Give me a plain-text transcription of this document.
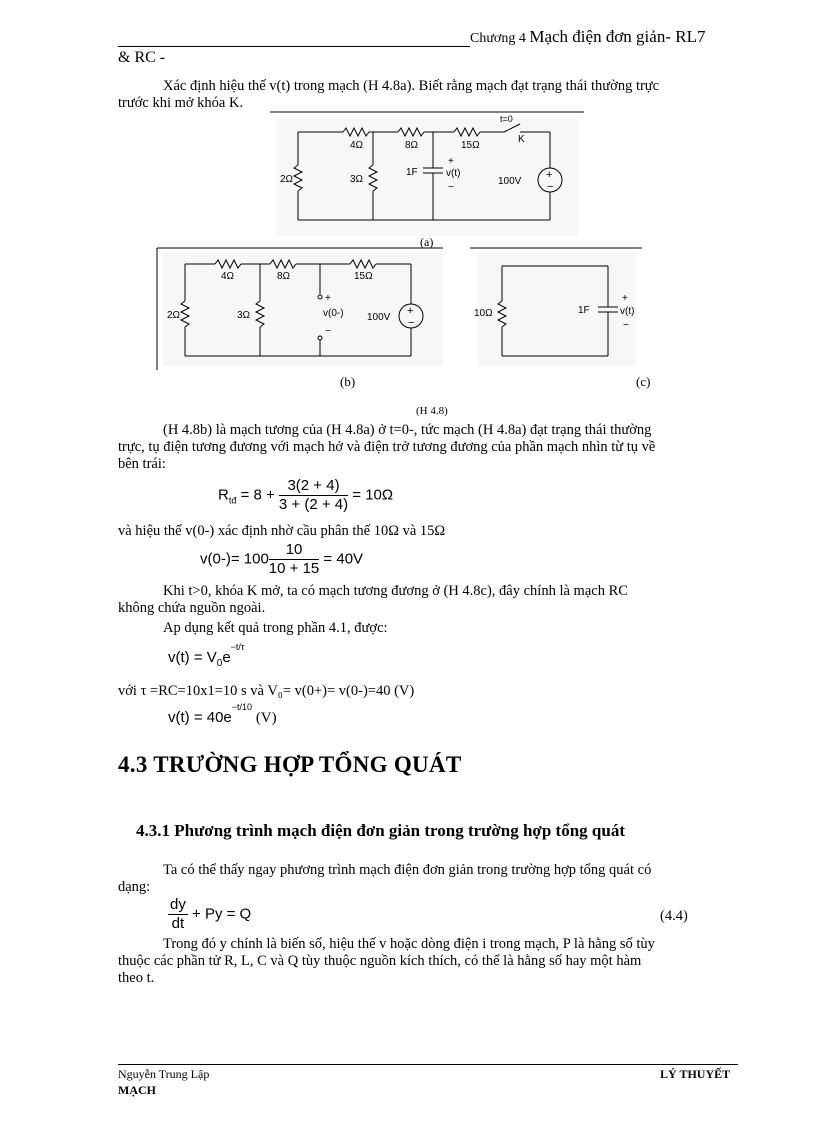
Chương 4 Mạch điện đơn giản- RL7
& RC -
Xác định hiệu thế v(t) trong mạch (H 4.8a). Biết rằng mạch đạt trạng thái thường trực
trước khi mở khóa K.
4Ω	8Ω	15Ω
t=0
K
2Ω	3Ω
1F
+
v(t)
−
100V
+
−
(a)
4Ω	8Ω	15Ω
2Ω	3Ω
+
v(0-)
−
100V
+
−
(b)
10Ω	1F
+
v(t)
−
(c)
(H 4.8)
(H 4.8b) là mạch tương của (H 4.8a) ở t=0-, tức mạch (H 4.8a) đạt trạng thái thường
trực, tụ điện tương đương với mạch hở và điện trở tương đương của phần mạch nhìn từ tụ về
bên trái:
$R_{tđ} = 8 + \frac{3(2 + 4)}{3 + (2 + 4)} = 10\Omega$
và hiệu thế v(0-) xác định nhờ cầu phân thế 10Ω và 15Ω
$v(0-)= 100 \frac{10}{10 + 15} = 40V$
Khi t>0, khóa K mở, ta có mạch tương đương ở (H 4.8c), đây chính là mạch RC
không chứa nguồn ngoài.
Ap dụng kết quả trong phần 4.1, được:
$v(t) = V_0e^{-t/\tau}$
với τ =RC=10x1=10 s và V₀= v(0+)= v(0-)=40 (V)
$v(t) = 40e^{-t/10}$ (V)
4.3 TRƯỜNG HỢP TỔNG QUÁT
4.3.1 Phương trình mạch điện đơn giản trong trường hợp tổng quát
Ta có thể thấy ngay phương trình mạch điện đơn giản trong trường hợp tổng quát có
dạng:
$\frac{dy}{dt} + Py = Q$	(4.4)
Trong đó y chính là biến số, hiệu thế v hoặc dòng điện i trong mạch, P là hằng số tùy
thuộc các phần tử R, L, C và Q tùy thuộc nguồn kích thích, có thể là hằng số hay một hàm
theo t.
Nguyễn Trung Lập	LÝ THUYẾT
MẠCH
